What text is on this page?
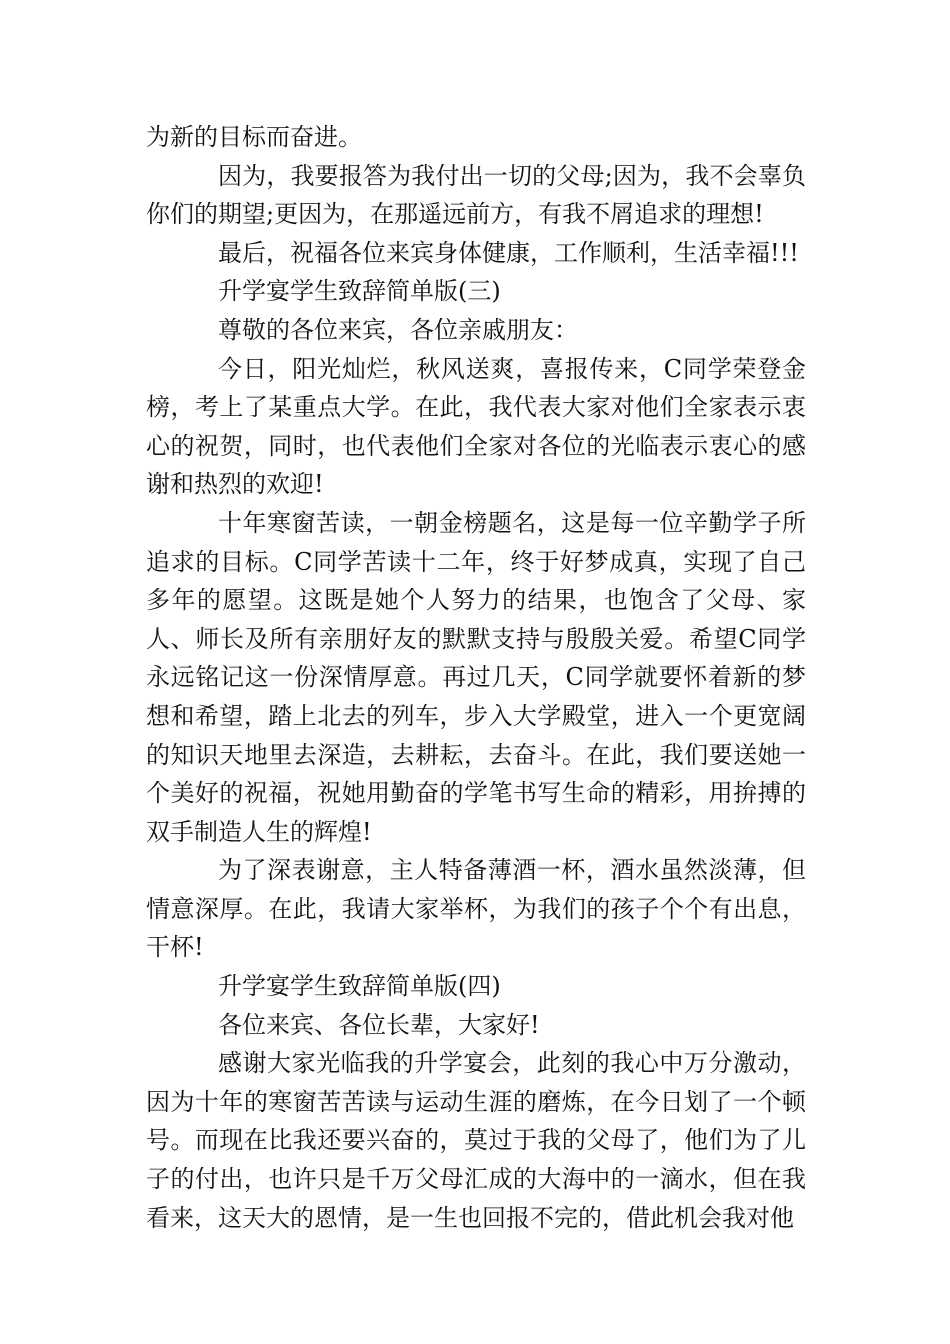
为新的目标而奋进。

因为，我要报答为我付出一切的父母;因为，我不会辜负你们的期望;更因为，在那遥远前方，有我不屑追求的理想!

最后，祝福各位来宾身体健康，工作顺利，生活幸福!!!

升学宴学生致辞简单版(三)

尊敬的各位来宾，各位亲戚朋友：

今日，阳光灿烂，秋风送爽，喜报传来，C同学荣登金榜，考上了某重点大学。在此，我代表大家对他们全家表示衷心的祝贺，同时，也代表他们全家对各位的光临表示衷心的感谢和热烈的欢迎!

十年寒窗苦读，一朝金榜题名，这是每一位辛勤学子所追求的目标。C同学苦读十二年，终于好梦成真，实现了自己多年的愿望。这既是她个人努力的结果，也饱含了父母、家人、师长及所有亲朋好友的默默支持与殷殷关爱。希望C同学永远铭记这一份深情厚意。再过几天，C同学就要怀着新的梦想和希望，踏上北去的列车，步入大学殿堂，进入一个更宽阔的知识天地里去深造，去耕耘，去奋斗。在此，我们要送她一个美好的祝福，祝她用勤奋的学笔书写生命的精彩，用拚搏的双手制造人生的辉煌!

为了深表谢意，主人特备薄酒一杯，酒水虽然淡薄，但情意深厚。在此，我请大家举杯，为我们的孩子个个有出息，干杯!

升学宴学生致辞简单版(四)

各位来宾、各位长辈，大家好!

感谢大家光临我的升学宴会，此刻的我心中万分激动，因为十年的寒窗苦苦读与运动生涯的磨炼，在今日划了一个顿号。而现在比我还要兴奋的，莫过于我的父母了，他们为了儿子的付出，也许只是千万父母汇成的大海中的一滴水，但在我看来，这天大的恩情，是一生也回报不完的，借此机会我对他
